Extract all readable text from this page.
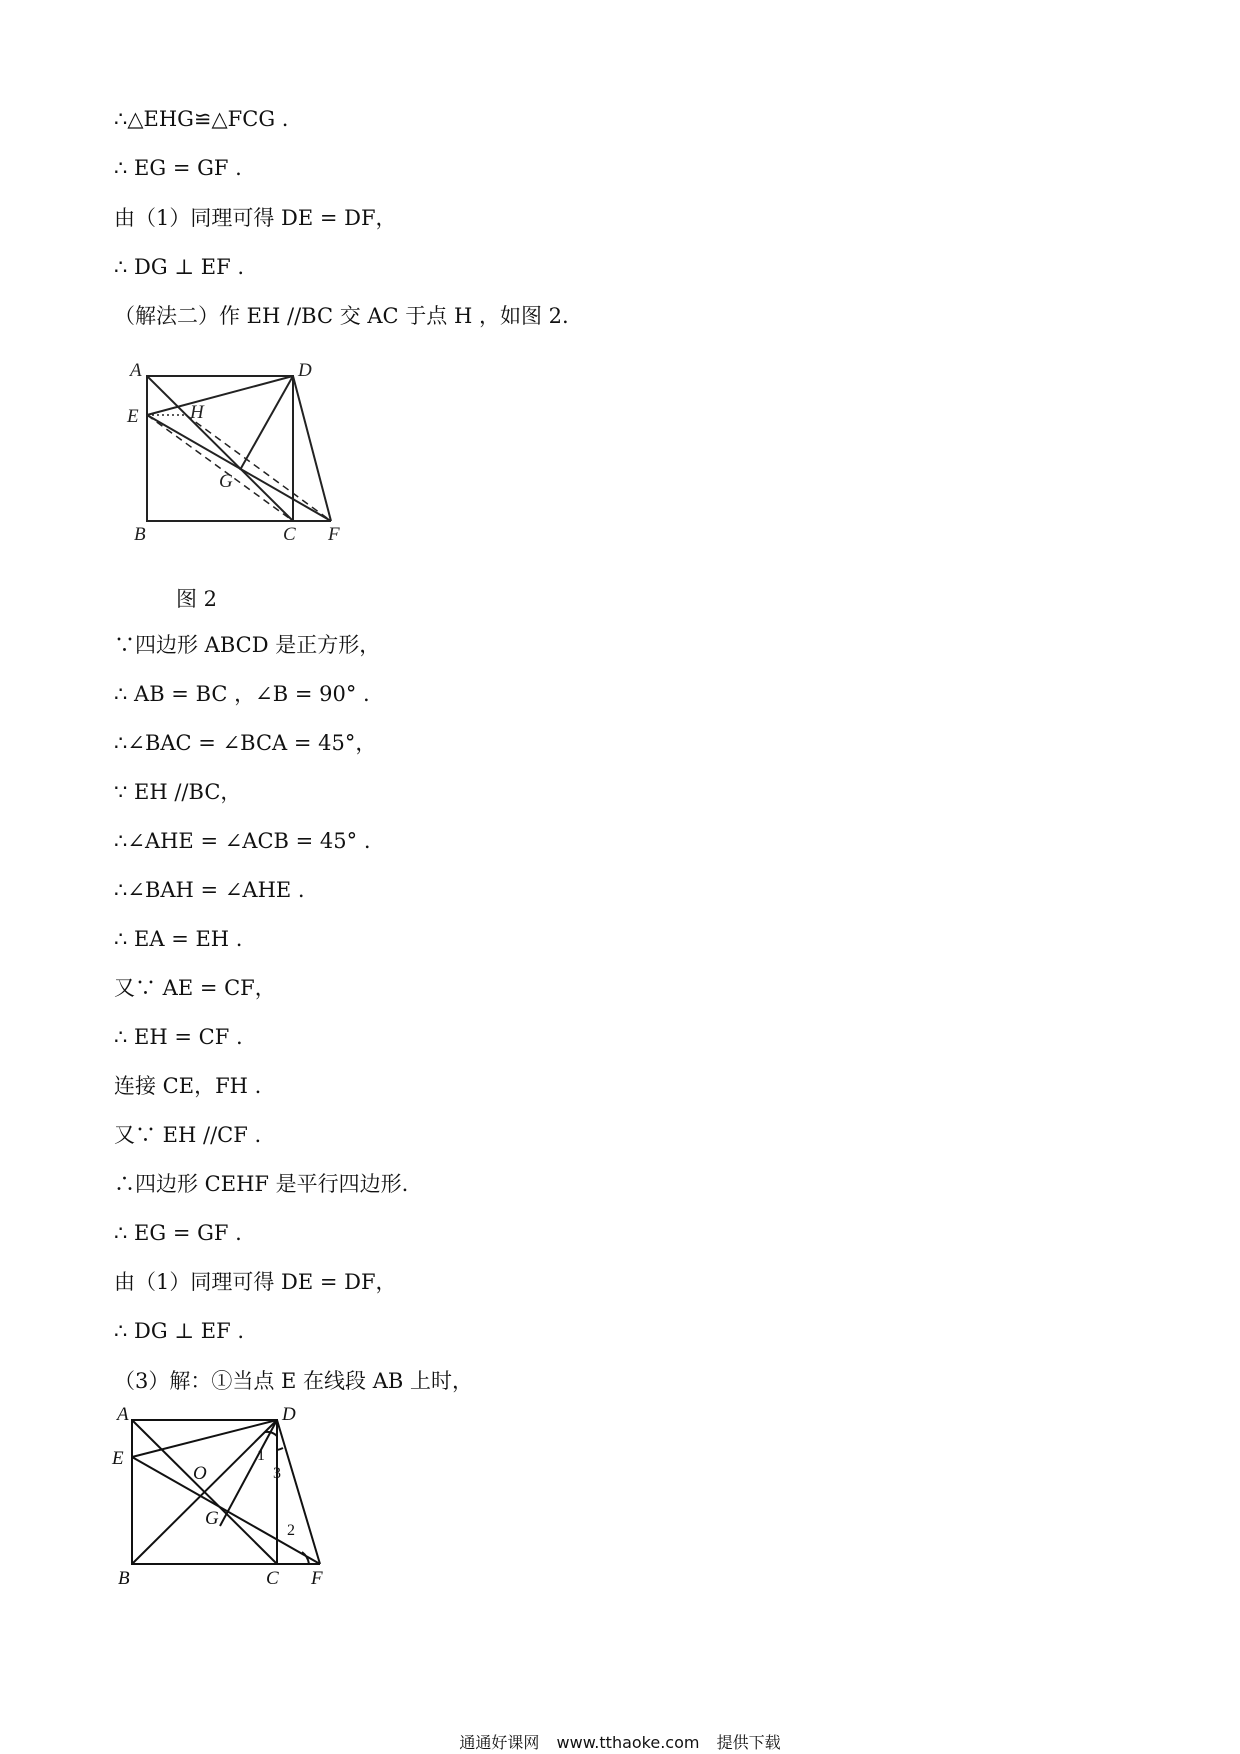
∴△EHG≌△FCG .
∴ EG = GF .
由（1）同理可得 DE = DF，
∴ DG ⊥ EF .
（解法二）作 EH //BC 交 AC 于点 H ，如图 2.
A	D
E	H
G
B	C F
图 2
∵四边形 ABCD 是正方形，
∴ AB = BC ，∠B = 90° .
∴∠BAC = ∠BCA = 45°，
∵ EH //BC，
∴∠AHE = ∠ACB = 45° .
∴∠BAH = ∠AHE .
∴ EA = EH .
又∵ AE = CF，
∴ EH = CF .
连接 CE，FH .
又∵ EH //CF .
∴四边形 CEHF 是平行四边形.
∴ EG = GF .
由（1）同理可得 DE = DF，
∴ DG ⊥ EF .
（3）解：①当点 E 在线段 AB 上时，
A	D
E
O
G
B	C F
1
3
2
通通好课网 www.tthaoke.com 提供下载
